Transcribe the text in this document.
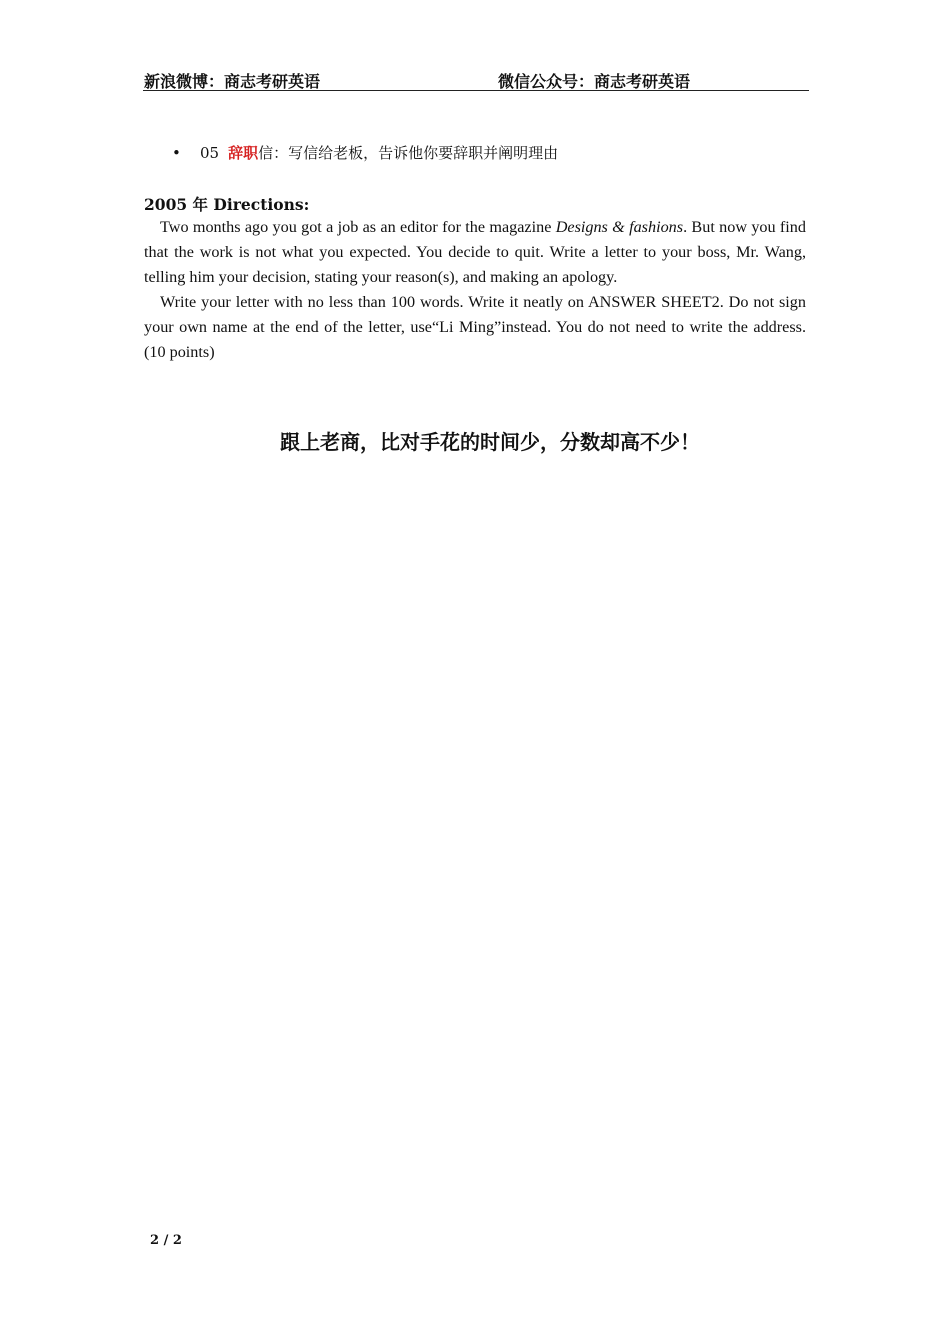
新浪微博：商志考研英语	微信公众号：商志考研英语
• 05 辞职信：写信给老板，告诉他你要辞职并阐明理由
2005 年 Directions:

Two months ago you got a job as an editor for the magazine Designs & fashions. But now you find that the work is not what you expected. You decide to quit. Write a letter to your boss, Mr. Wang, telling him your decision, stating your reason(s), and making an apology.

Write your letter with no less than 100 words. Write it neatly on ANSWER SHEET2. Do not sign your own name at the end of the letter, use“Li Ming”instead. You do not need to write the address. (10 points)

跟上老商，比对手花的时间少，分数却高不少！
2 / 2
